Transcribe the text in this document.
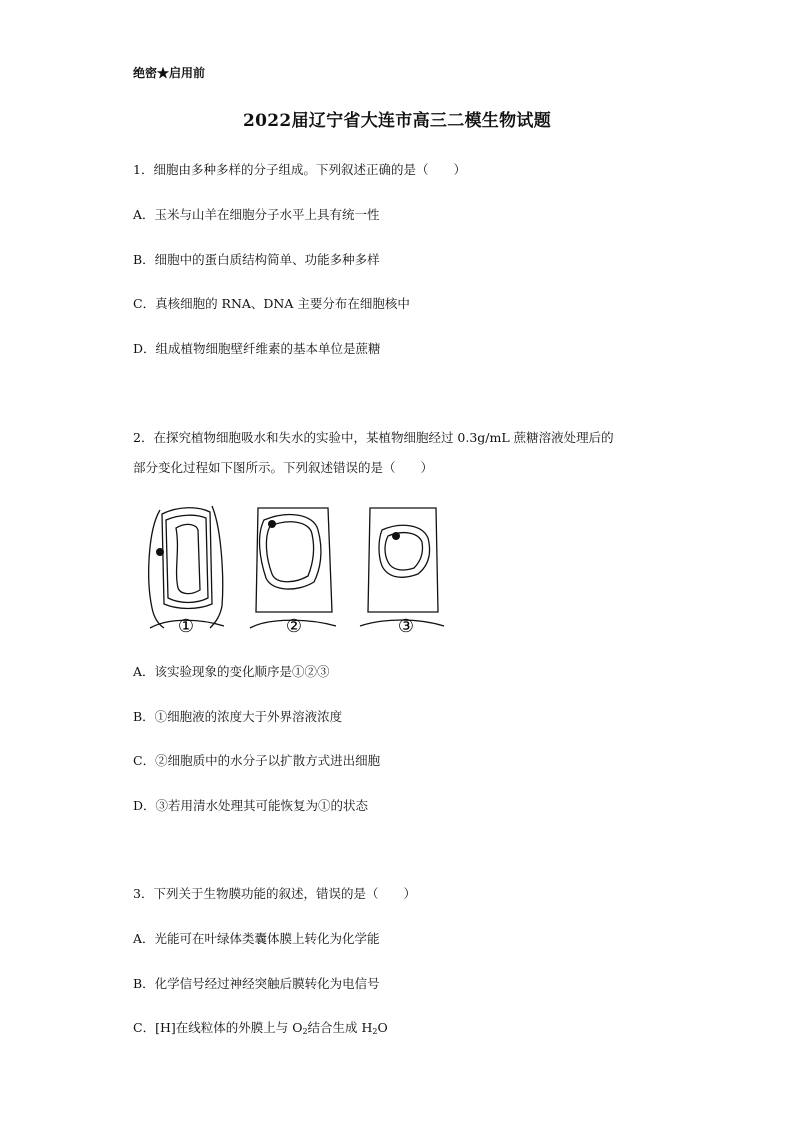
绝密★启用前
2022届辽宁省大连市高三二模生物试题
1．细胞由多种多样的分子组成。下列叙述正确的是（　　）
A．玉米与山羊在细胞分子水平上具有统一性
B．细胞中的蛋白质结构简单、功能多种多样
C．真核细胞的 RNA、DNA 主要分布在细胞核中
D．组成植物细胞壁纤维素的基本单位是蔗糖
2．在探究植物细胞吸水和失水的实验中，某植物细胞经过 0.3g/mL 蔗糖溶液处理后的
部分变化过程如下图所示。下列叙述错误的是（　　）
①	②	③
A．该实验现象的变化顺序是①②③
B．①细胞液的浓度大于外界溶液浓度
C．②细胞质中的水分子以扩散方式进出细胞
D．③若用清水处理其可能恢复为①的状态
3．下列关于生物膜功能的叙述，错误的是（　　）
A．光能可在叶绿体类囊体膜上转化为化学能
B．化学信号经过神经突触后膜转化为电信号
C．[H]在线粒体的外膜上与 $O_2$结合生成 $H_2O$
